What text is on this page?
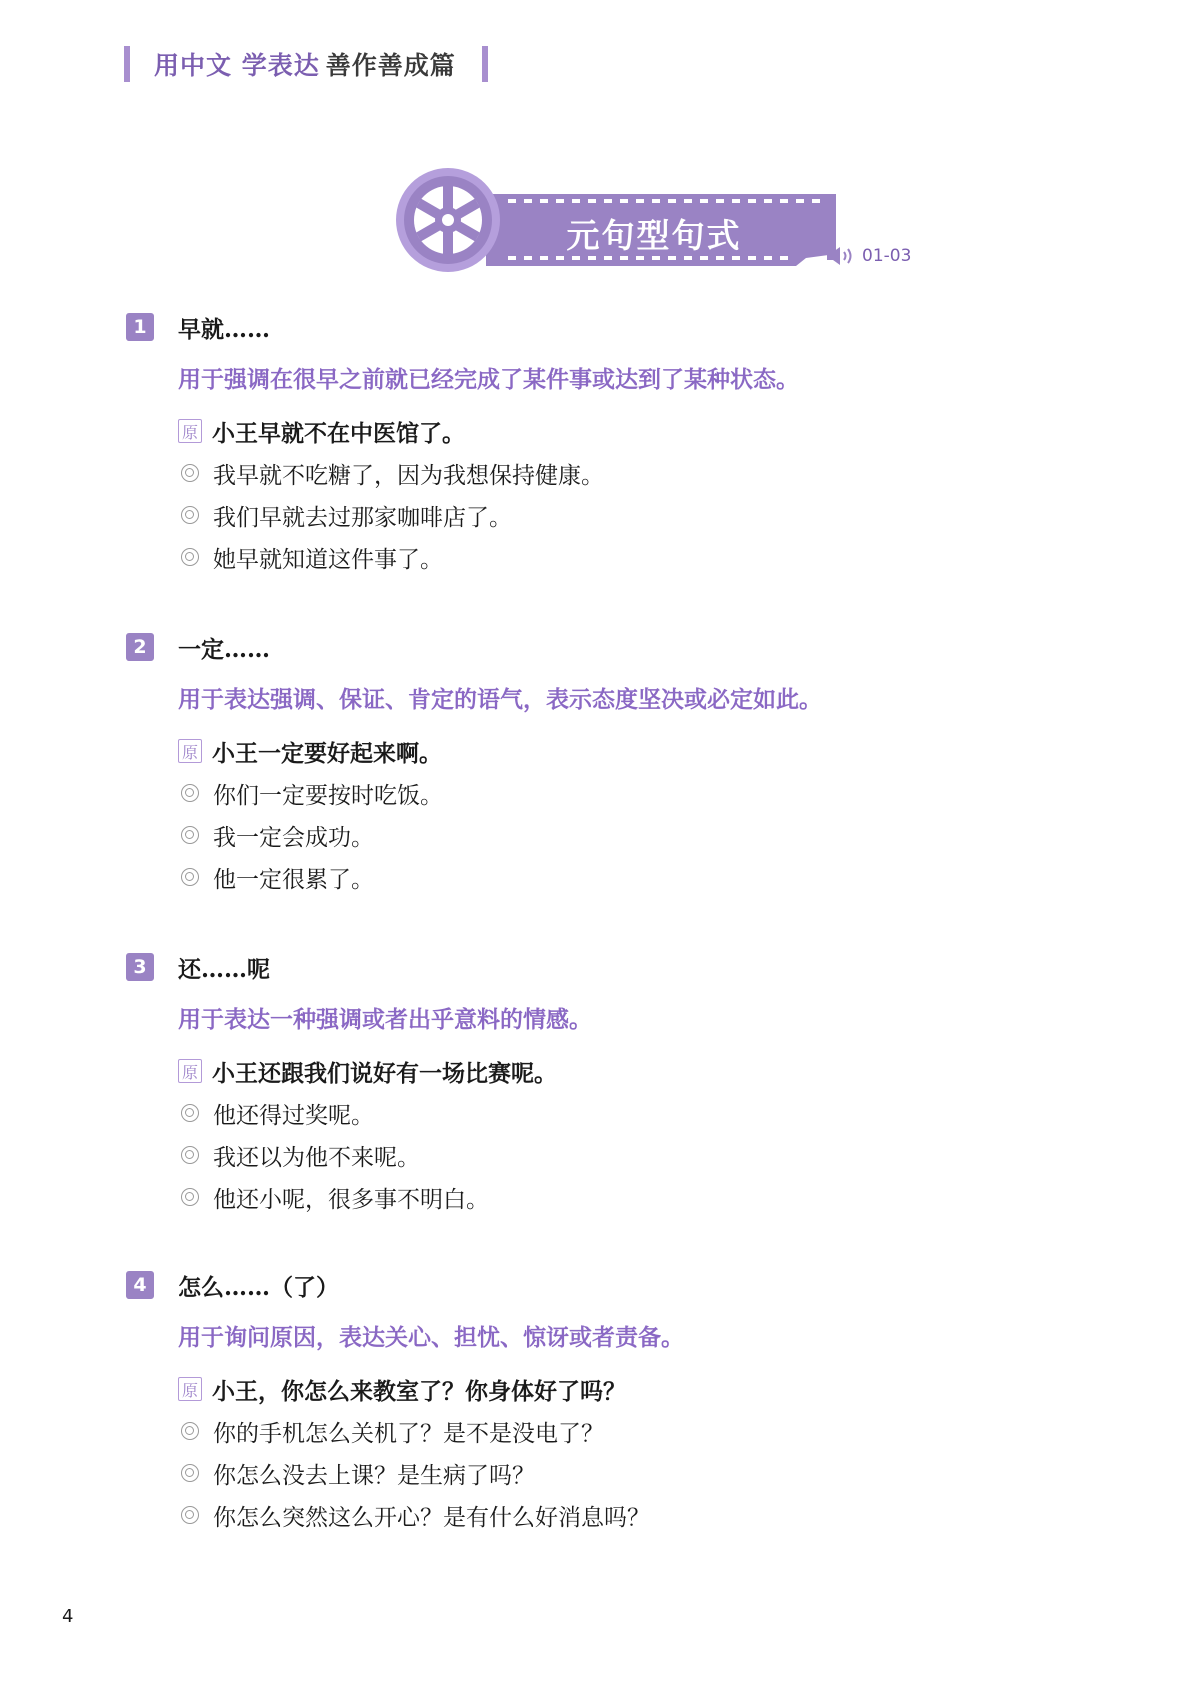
用中文 学表达 善作善成篇
元句型句式
01-03
1	早就……
用于强调在很早之前就已经完成了某件事或达到了某种状态。
原 小王早就不在中医馆了。
我早就不吃糖了，因为我想保持健康。
我们早就去过那家咖啡店了。
她早就知道这件事了。
2	一定……
用于表达强调、保证、肯定的语气，表示态度坚决或必定如此。
原 小王一定要好起来啊。
你们一定要按时吃饭。
我一定会成功。
他一定很累了。
3	还……呢
用于表达一种强调或者出乎意料的情感。
原 小王还跟我们说好有一场比赛呢。
他还得过奖呢。
我还以为他不来呢。
他还小呢，很多事不明白。
4	怎么……（了）
用于询问原因，表达关心、担忧、惊讶或者责备。
原 小王，你怎么来教室了？你身体好了吗？
你的手机怎么关机了？是不是没电了？
你怎么没去上课？是生病了吗？
你怎么突然这么开心？是有什么好消息吗？
4
